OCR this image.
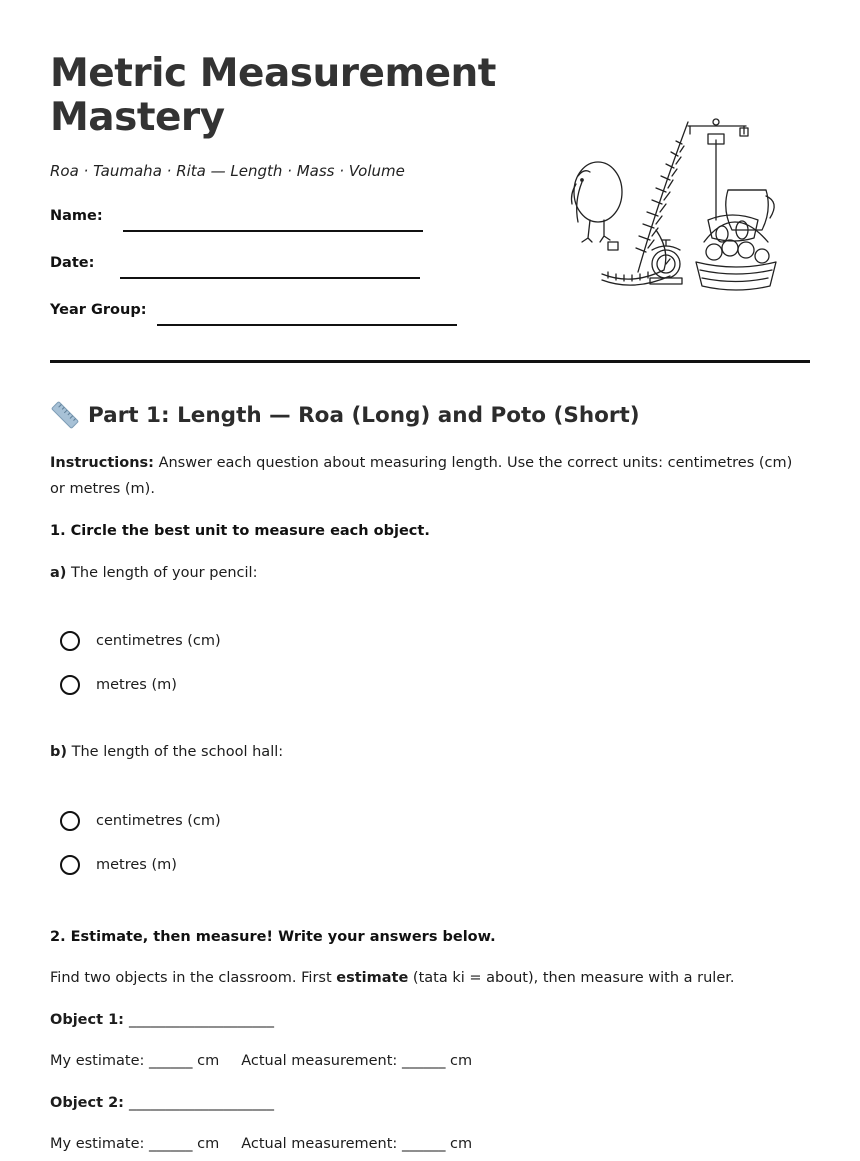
Metric Measurement
Mastery
Roa · Taumaha · Rita — Length · Mass · Volume
Name:
Date:
Year Group:
Part 1: Length — Roa (Long) and Poto (Short)
Instructions: Answer each question about measuring length. Use the correct units: centimetres (cm) or metres (m).
1. Circle the best unit to measure each object.
a) The length of your pencil:
centimetres (cm)
metres (m)
b) The length of the school hall:
centimetres (cm)
metres (m)
2. Estimate, then measure! Write your answers below.
Find two objects in the classroom. First estimate (tata ki = about), then measure with a ruler.
Object 1: ____________________
My estimate: ______ cm Actual measurement: ______ cm
Object 2: ____________________
My estimate: ______ cm Actual measurement: ______ cm
